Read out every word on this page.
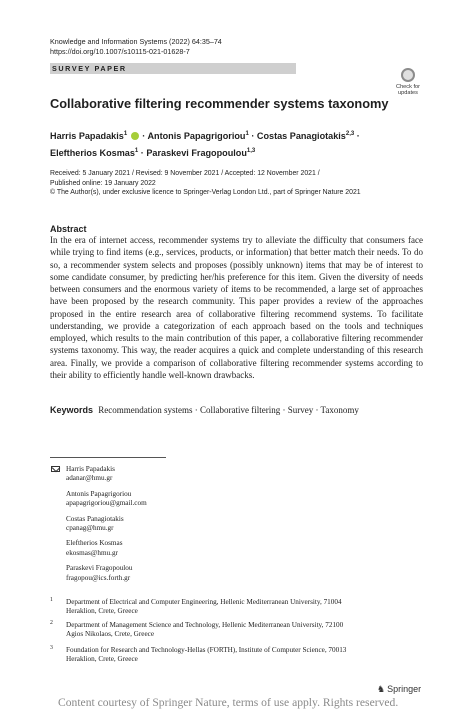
Knowledge and Information Systems (2022) 64:35–74
https://doi.org/10.1007/s10115-021-01628-7
SURVEY PAPER
Check for
updates
Collaborative filtering recommender systems taxonomy
Harris Papadakis$^1$ · Antonis Papagrigoriou$^1$ · Costas Panagiotakis$^{2,3}$ ·
Eleftherios Kosmas$^1$ · Paraskevi Fragopoulou$^{1,3}$
Received: 5 January 2021 / Revised: 9 November 2021 / Accepted: 12 November 2021 /
Published online: 19 January 2022
© The Author(s), under exclusive licence to Springer-Verlag London Ltd., part of Springer Nature 2021
Abstract
In the era of internet access, recommender systems try to alleviate the difficulty that consumers face while trying to find items (e.g., services, products, or information) that better match their needs. To do so, a recommender system selects and proposes (possibly unknown) items that may be of interest to some candidate consumer, by predicting her/his preference for this item. Given the diversity of needs between consumers and the enormous variety of items to be recommended, a large set of approaches have been proposed by the research community. This paper provides a review of the approaches proposed in the entire research area of collaborative filtering recommend systems. To facilitate understanding, we provide a categorization of each approach based on the tools and techniques employed, which results to the main contribution of this paper, a collaborative filtering recommender systems taxonomy. This way, the reader acquires a quick and complete understanding of this research area. Finally, we provide a comparison of collaborative filtering recommender systems according to their ability to efficiently handle well-known drawbacks.
Keywords Recommendation systems · Collaborative filtering · Survey · Taxonomy
Harris Papadakis
adanar@hmu.gr
Antonis Papagrigoriou
apapagrigoriou@gmail.com
Costas Panagiotakis
cpanag@hmu.gr
Eleftherios Kosmas
ekosmas@hmu.gr
Paraskevi Fragopoulou
fragopou@ics.forth.gr
1 Department of Electrical and Computer Engineering, Hellenic Mediterranean University, 71004
Heraklion, Crete, Greece
2 Department of Management Science and Technology, Hellenic Mediterranean University, 72100
Agios Nikolaos, Crete, Greece
3 Foundation for Research and Technology-Hellas (FORTH), Institute of Computer Science, 70013
Heraklion, Crete, Greece
♞ Springer
Content courtesy of Springer Nature, terms of use apply. Rights reserved.
